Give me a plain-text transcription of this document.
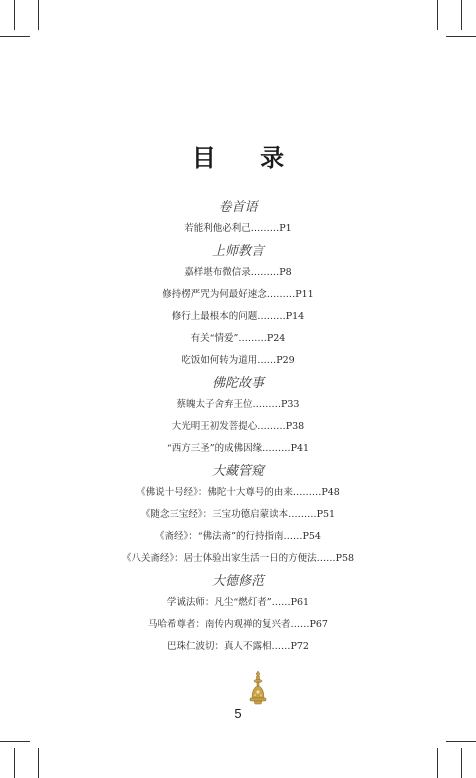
目 录
卷首语
若能利他必利己………P1
上师教言
嘉样堪布微信录………P8
修持楞严咒为何最好速念………P11
修行上最根本的问题………P14
有关“情爱”………P24
吃饭如何转为道用……P29
佛陀故事
蔡魄太子舍弃王位………P33
大光明王初发菩提心………P38
“西方三圣”的成佛因缘………P41
大藏管窥
《佛说十号经》：佛陀十大尊号的由来………P48
《随念三宝经》：三宝功德启蒙读本………P51
《斋经》：“佛法斋”的行持指南……P54
《八关斋经》：居士体验出家生活一日的方便法……P58
大德修范
学诚法师：凡尘“燃灯者”……P61
马哈希尊者：南传内观禅的复兴者……P67
巴珠仁波切：真人不露相……P72
5
